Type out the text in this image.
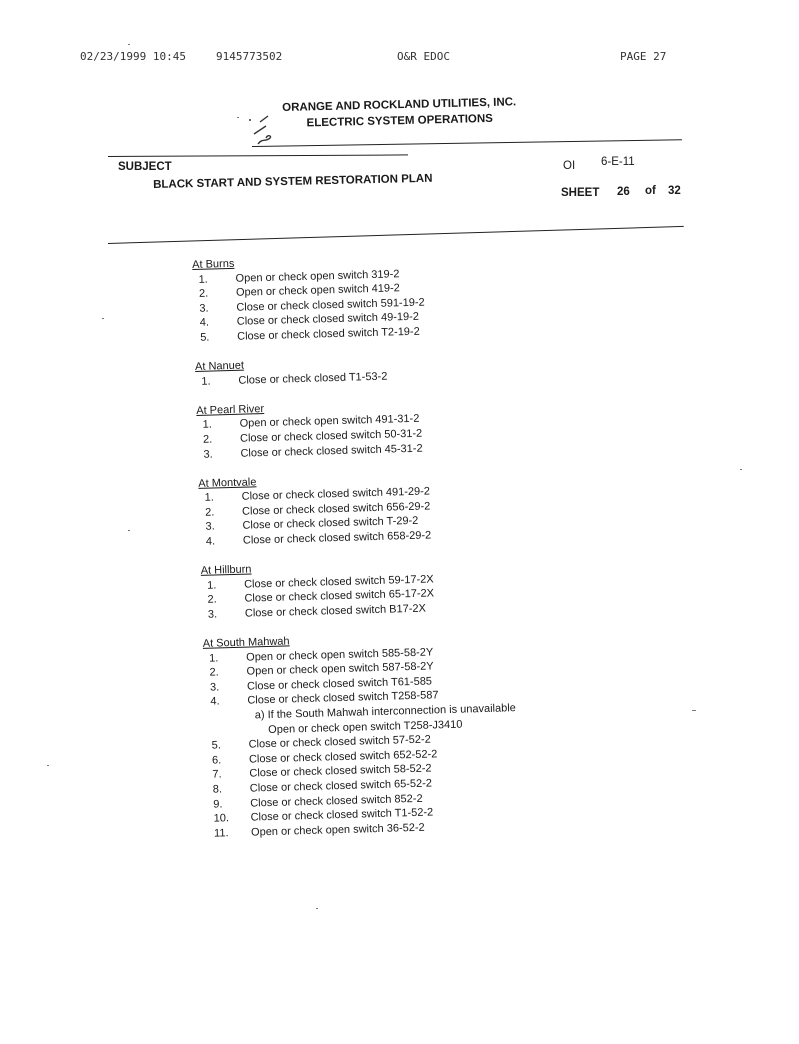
02/23/1999 10:45	9145773502	O&R EDOC	PAGE 27
ORANGE AND ROCKLAND UTILITIES, INC.
ELECTRIC SYSTEM OPERATIONS
SUBJECT
BLACK START AND SYSTEM RESTORATION PLAN
OI 6-E-11
SHEET 26 of 32
At Burns
1.	Open or check open switch 319-2
2.	Open or check open switch 419-2
3.	Close or check closed switch 591-19-2
4.	Close or check closed switch 49-19-2
5.	Close or check closed switch T2-19-2
At Nanuet
1.	Close or check closed T1-53-2
At Pearl River
1.	Open or check open switch 491-31-2
2.	Close or check closed switch 50-31-2
3.	Close or check closed switch 45-31-2
At Montvale
1.	Close or check closed switch 491-29-2
2.	Close or check closed switch 656-29-2
3.	Close or check closed switch T-29-2
4.	Close or check closed switch 658-29-2
At Hillburn
1.	Close or check closed switch 59-17-2X
2.	Close or check closed switch 65-17-2X
3.	Close or check closed switch B17-2X
At South Mahwah
1.	Open or check open switch 585-58-2Y
2.	Open or check open switch 587-58-2Y
3.	Close or check closed switch T61-585
4.	Close or check closed switch T258-587
a) If the South Mahwah interconnection is unavailable
Open or check open switch T258-J3410
5.	Close or check closed switch 57-52-2
6.	Close or check closed switch 652-52-2
7.	Close or check closed switch 58-52-2
8.	Close or check closed switch 65-52-2
9.	Close or check closed switch 852-2
10.	Close or check closed switch T1-52-2
11.	Open or check open switch 36-52-2
